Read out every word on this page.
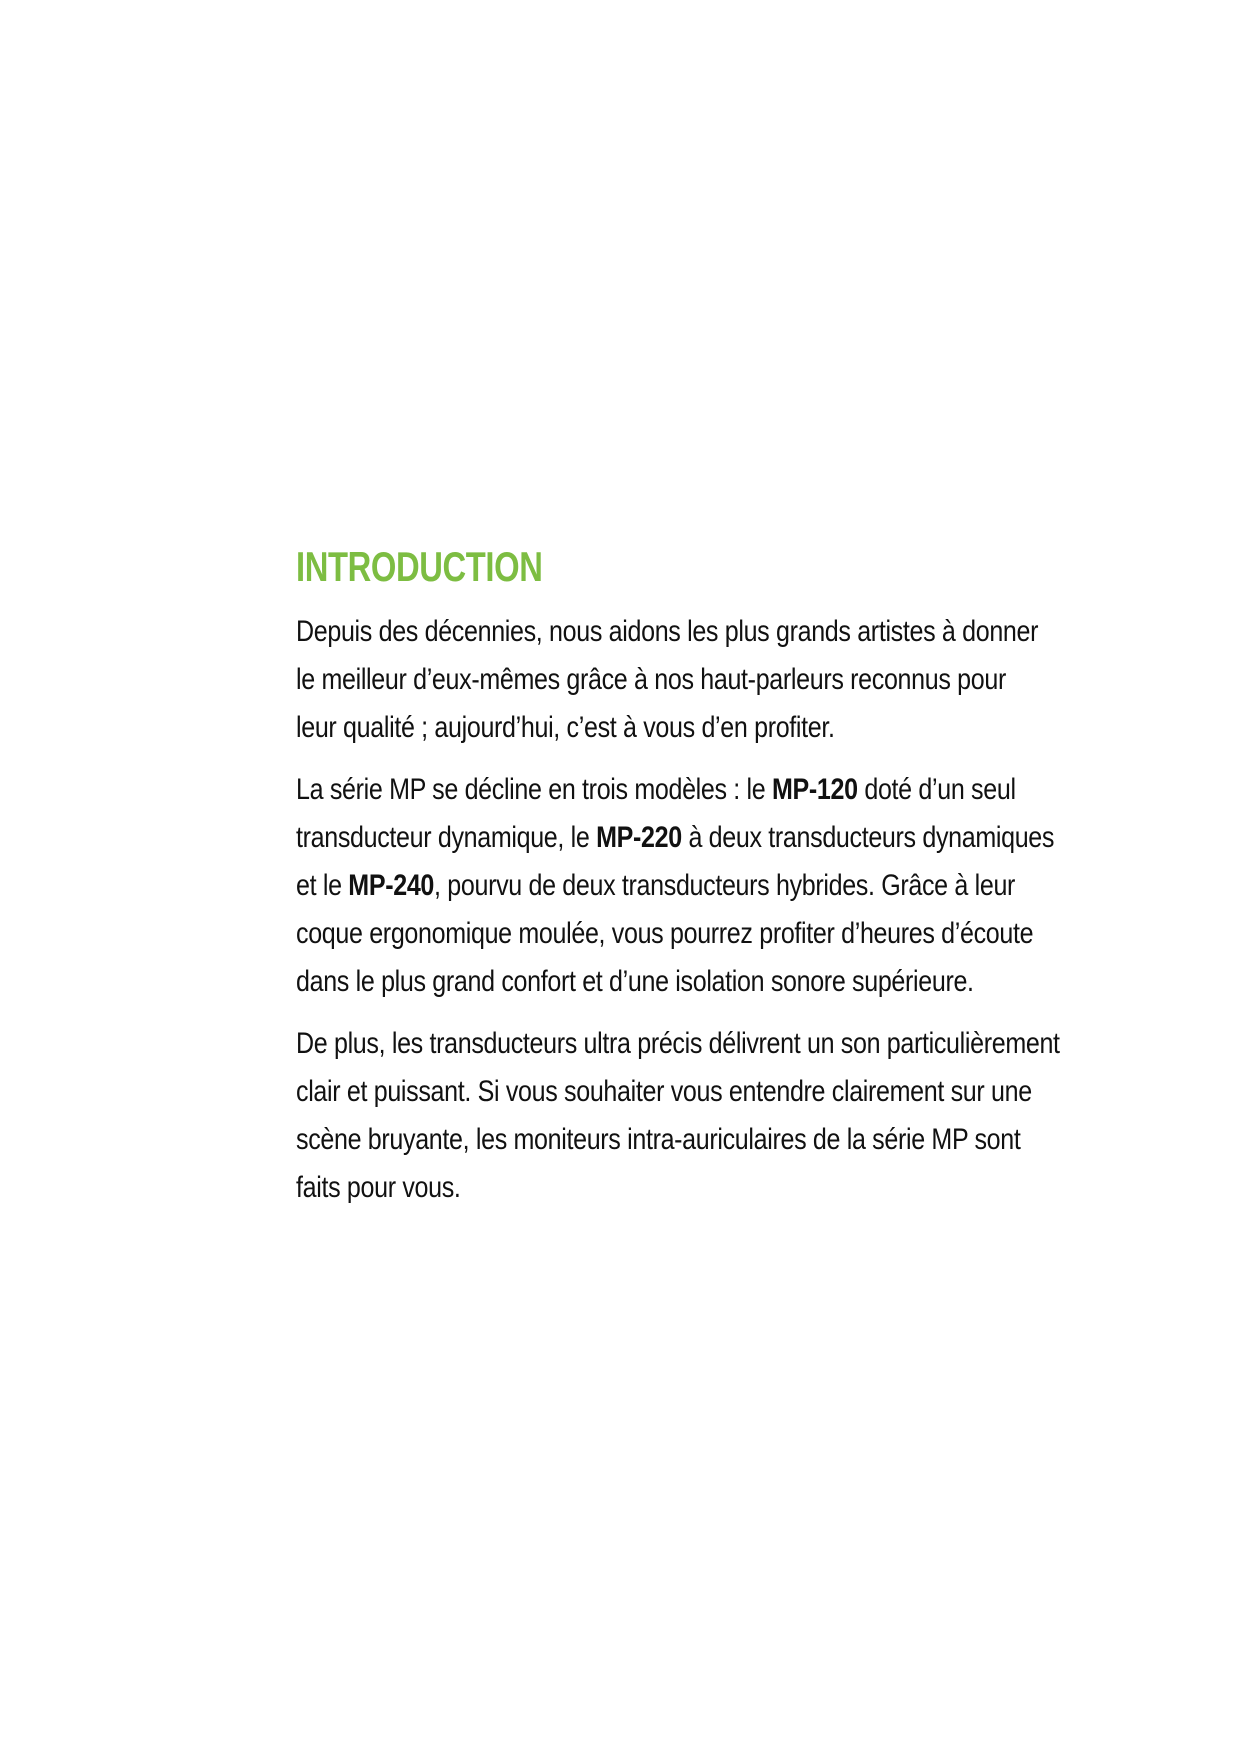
INTRODUCTION

Depuis des décennies, nous aidons les plus grands artistes à donner
le meilleur d’eux-mêmes grâce à nos haut-parleurs reconnus pour
leur qualité ; aujourd’hui, c’est à vous d’en profiter.

La série MP se décline en trois modèles : le MP-120 doté d’un seul
transducteur dynamique, le MP-220 à deux transducteurs dynamiques
et le MP-240, pourvu de deux transducteurs hybrides. Grâce à leur
coque ergonomique moulée, vous pourrez profiter d’heures d’écoute
dans le plus grand confort et d’une isolation sonore supérieure.

De plus, les transducteurs ultra précis délivrent un son particulièrement
clair et puissant. Si vous souhaiter vous entendre clairement sur une
scène bruyante, les moniteurs intra-auriculaires de la série MP sont
faits pour vous.
